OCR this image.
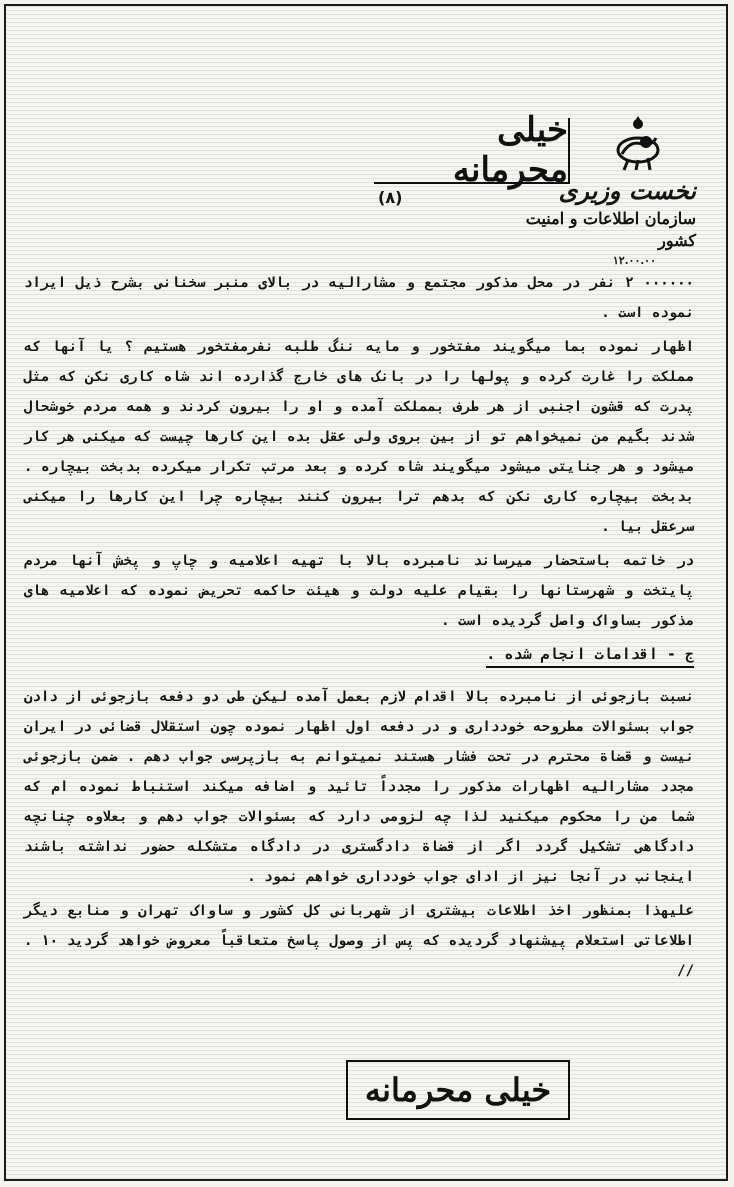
خیلی محرمانه
نخست وزیری
سازمان اطلاعات و امنیت کشور
۱۲.۰۰.۰۰
(۸)

۰۰۰۰۰۰ ۲ نفر در محل مذکور مجتمع و مشارالیه در بالای منبر سخنانی بشرح ذیل ایراد نموده است .

اظهار نموده بما میگویند مفتخور و مایه ننگ طلبه نفرمفتخور هستیم ؟ یا آنها که مملکت را غارت کرده و پولها را در بانک های خارج گذارده اند شاه کاری نکن که مثل پدرت که قشون اجنبی از هر طرف بمملکت آمده و او را بیرون کردند و همه مردم خوشحال شدند بگیم من نمیخواهم تو از بین بروی ولی عقل بده این کارها چیست که میکنی هر کار میشود و هر جنایتی میشود میگویند شاه کرده و بعد مرتب تکرار میکرده بدبخت بیچاره . بدبخت بیچاره کاری نکن که بدهم ترا بیرون کنند بیچاره چرا این کارها را میکنی سرعقل بیا .

در خاتمه باستحضار میرساند نامبرده بالا با تهیه اعلامیه و چاپ و پخش آنها مردم پایتخت و شهرستانها را بقیام علیه دولت و هیئت حاکمه تحریض نموده که اعلامیه های مذکور بساواک واصل گردیده است .

ج - اقدامات انجام شده .

نسبت بازجوئی از نامبرده بالا اقدام لازم بعمل آمده لیکن طی دو دفعه بازجوئی از دادن جواب بسئوالات مطروحه خودداری و در دفعه اول اظهار نموده چون استقلال قضائی در ایران نیست و قضاة محترم در تحت فشار هستند نمیتوانم به بازپرسی جواب دهم . ضمن بازجوئی مجدد مشارالیه اظهارات مذکور را مجدداً تائید و اضافه میکند استنباط نموده ام که شما من را محکوم میکنید لذا چه لزومی دارد که بسئوالات جواب دهم و بعلاوه چنانچه دادگاهی تشکیل گردد اگر از قضاة دادگستری در دادگاه متشکله حضور نداشته باشند اینجانب در آنجا نیز از ادای جواب خودداری خواهم نمود .

علیهذا بمنظور اخذ اطلاعات بیشتری از شهربانی کل کشور و ساواک تهران و منابع دیگر اطلاعاتی استعلام پیشنهاد گردیده که پس از وصول پاسخ متعاقباً معروض خواهد گردید ۱۰ . //

خیلی محرمانه
